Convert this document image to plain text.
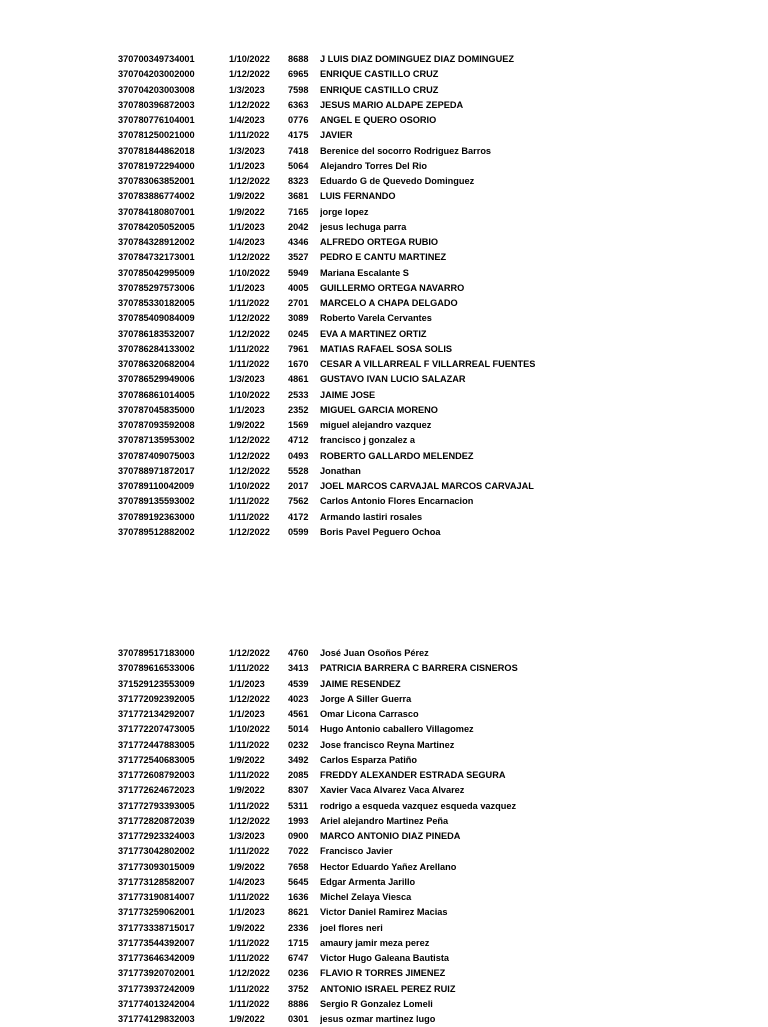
370700349734001	1/10/2022	8688	J LUIS DIAZ DOMINGUEZ DIAZ DOMINGUEZ
370704203002000	1/12/2022	6965	ENRIQUE CASTILLO CRUZ
370704203003008	1/3/2023	7598	ENRIQUE CASTILLO CRUZ
370780396872003	1/12/2022	6363	JESUS MARIO ALDAPE ZEPEDA
370780776104001	1/4/2023	0776	ANGEL E QUERO OSORIO
370781250021000	1/11/2022	4175	JAVIER
370781844862018	1/3/2023	7418	Berenice del socorro Rodriguez Barros
370781972294000	1/1/2023	5064	Alejandro Torres Del Rio
370783063852001	1/12/2022	8323	Eduardo G de Quevedo Dominguez
370783886774002	1/9/2022	3681	LUIS FERNANDO
370784180807001	1/9/2022	7165	jorge lopez
370784205052005	1/1/2023	2042	jesus lechuga parra
370784328912002	1/4/2023	4346	ALFREDO ORTEGA RUBIO
370784732173001	1/12/2022	3527	PEDRO E CANTU MARTINEZ
370785042995009	1/10/2022	5949	Mariana Escalante S
370785297573006	1/1/2023	4005	GUILLERMO ORTEGA NAVARRO
370785330182005	1/11/2022	2701	MARCELO A CHAPA DELGADO
370785409084009	1/12/2022	3089	Roberto Varela Cervantes
370786183532007	1/12/2022	0245	EVA A MARTINEZ ORTIZ
370786284133002	1/11/2022	7961	MATIAS RAFAEL SOSA SOLIS
370786320682004	1/11/2022	1670	CESAR A VILLARREAL F VILLARREAL FUENTES
370786529949006	1/3/2023	4861	GUSTAVO IVAN LUCIO SALAZAR
370786861014005	1/10/2022	2533	JAIME JOSE
370787045835000	1/1/2023	2352	MIGUEL GARCIA MORENO
370787093592008	1/9/2022	1569	miguel alejandro vazquez
370787135953002	1/12/2022	4712	francisco j gonzalez a
370787409075003	1/12/2022	0493	ROBERTO GALLARDO MELENDEZ
370788971872017	1/12/2022	5528	Jonathan
370789110042009	1/10/2022	2017	JOEL MARCOS CARVAJAL MARCOS CARVAJAL
370789135593002	1/11/2022	7562	Carlos Antonio Flores Encarnacion
370789192363000	1/11/2022	4172	Armando lastiri rosales
370789512882002	1/12/2022	0599	Boris Pavel Peguero Ochoa
370789517183000	1/12/2022	4760	José Juan Osoños Pérez
370789616533006	1/11/2022	3413	PATRICIA BARRERA C BARRERA CISNEROS
371529123553009	1/1/2023	4539	JAIME RESENDEZ
371772092392005	1/12/2022	4023	Jorge A Siller Guerra
371772134292007	1/1/2023	4561	Omar Licona Carrasco
371772207473005	1/10/2022	5014	Hugo Antonio caballero Villagomez
371772447883005	1/11/2022	0232	Jose francisco Reyna Martinez
371772540683005	1/9/2022	3492	Carlos Esparza Patiño
371772608792003	1/11/2022	2085	FREDDY ALEXANDER ESTRADA SEGURA
371772624672023	1/9/2022	8307	Xavier Vaca Alvarez Vaca Alvarez
371772793393005	1/11/2022	5311	rodrigo a esqueda vazquez esqueda vazquez
371772820872039	1/12/2022	1993	Ariel alejandro Martinez Peña
371772923324003	1/3/2023	0900	MARCO ANTONIO DIAZ PINEDA
371773042802002	1/11/2022	7022	Francisco Javier
371773093015009	1/9/2022	7658	Hector Eduardo Yañez Arellano
371773128582007	1/4/2023	5645	Edgar Armenta Jarillo
371773190814007	1/11/2022	1636	Michel Zelaya Viesca
371773259062001	1/1/2023	8621	Victor Daniel Ramirez Macias
371773338715017	1/9/2022	2336	joel flores neri
371773544392007	1/11/2022	1715	amaury jamir meza perez
371773646342009	1/11/2022	6747	Victor Hugo Galeana Bautista
371773920702001	1/12/2022	0236	FLAVIO R TORRES JIMENEZ
371773937242009	1/11/2022	3752	ANTONIO ISRAEL PEREZ RUIZ
371774013242004	1/11/2022	8886	Sergio R Gonzalez Lomeli
371774129832003	1/9/2022	0301	jesus ozmar martinez lugo
